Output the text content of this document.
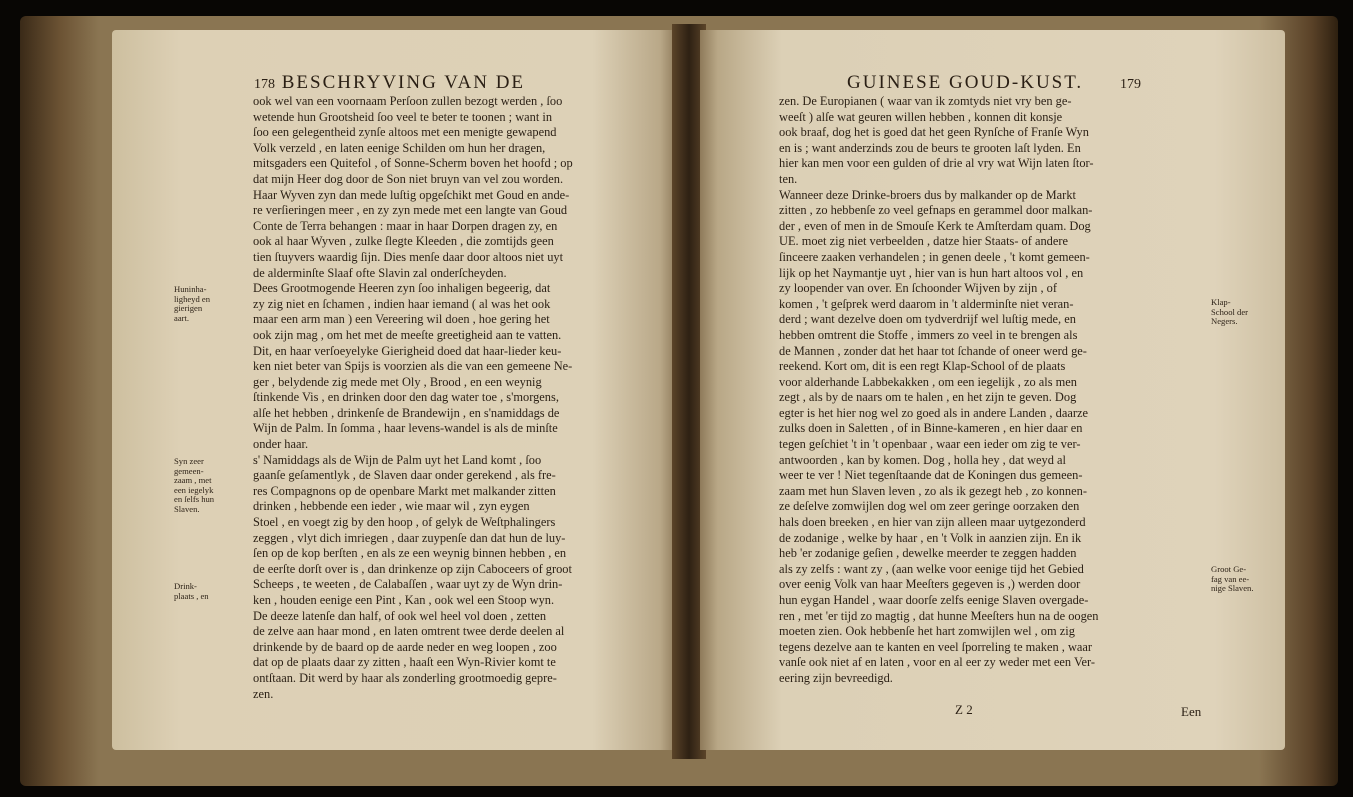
178 BESCHRYVING VAN DE
ook wel van een voornaam Perſoon zullen bezogt werden , ſoo
wetende hun Grootsheid ſoo veel te beter te toonen ; want in
ſoo een gelegentheid zynſe altoos met een menigte gewapend
Volk verzeld , en laten eenige Schilden om hun her dragen,
mitsgaders een Quitefol , of Sonne-Scherm boven het hoofd ; op
dat mijn Heer dog door de Son niet bruyn van vel zou worden.
Haar Wyven zyn dan mede luſtig opgeſchikt met Goud en ande-
re verſieringen meer , en zy zyn mede met een langte van Goud
Conte de Terra behangen : maar in haar Dorpen dragen zy, en
ook al haar Wyven , zulke ſlegte Kleeden , die zomtijds geen
tien ſtuyvers waardig ſijn. Dies menſe daar door altoos niet uyt
de alderminſte Slaaf ofte Slavin zal onderſcheyden.
Dees Grootmogende Heeren zyn ſoo inhaligen begeerig, dat
zy zig niet en ſchamen , indien haar iemand ( al was het ook
maar een arm man ) een Vereering wil doen , hoe gering het
ook zijn mag , om het met de meeſte greetigheid aan te vatten.
Dit, en haar verſoeyelyke Gierigheid doed dat haar-lieder keu-
ken niet beter van Spijs is voorzien als die van een gemeene Ne-
ger , belydende zig mede met Oly , Brood , en een weynig
ſtinkende Vis , en drinken door den dag water toe , s'morgens,
alſe het hebben , drinkenſe de Brandewijn , en s'namiddags de
Wijn de Palm. In ſomma , haar levens-wandel is als de minſte
onder haar.
s' Namiddags als de Wijn de Palm uyt het Land komt , ſoo
gaanſe geſamentlyk , de Slaven daar onder gerekend , als fre-
res Compagnons op de openbare Markt met malkander zitten
drinken , hebbende een ieder , wie maar wil , zyn eygen
Stoel , en voegt zig by den hoop , of gelyk de Weſtphalingers
zeggen , vlyt dich imriegen , daar zuypenſe dan dat hun de luy-
ſen op de kop berſten , en als ze een weynig binnen hebben , en
de eerſte dorſt over is , dan drinkenze op zijn Caboceers of groot
Scheeps , te weeten , de Calabaſſen , waar uyt zy de Wyn drin-
ken , houden eenige een Pint , Kan , ook wel een Stoop wyn.
De deeze latenſe dan half, of ook wel heel vol doen , zetten
de zelve aan haar mond , en laten omtrent twee derde deelen al
drinkende by de baard op de aarde neder en weg loopen , zoo
dat op de plaats daar zy zitten , haaſt een Wyn-Rivier komt te
ontſtaan. Dit werd by haar als zonderling grootmoedig gepre-
zen.
Huninha-
ligheyd en
gierigen
aart.
Syn zeer
gemeen-
zaam , met
een iegelyk
en ſelfs hun
Slaven.
Drink-
plaats , en
GUINESE GOUD-KUST.	179
zen. De Europianen ( waar van ik zomtyds niet vry ben ge-
weeſt ) alſe wat geuren willen hebben , konnen dit konsje
ook braaf, dog het is goed dat het geen Rynſche of Franſe Wyn
en is ; want anderzinds zou de beurs te grooten laſt lyden. En
hier kan men voor een gulden of drie al vry wat Wijn laten ſtor-
ten.
Wanneer deze Drinke-broers dus by malkander op de Markt
zitten , zo hebbenſe zo veel gefnaps en gerammel door malkan-
der , even of men in de Smouſe Kerk te Amſterdam quam. Dog
UE. moet zig niet verbeelden , datze hier Staats- of andere
ſinceere zaaken verhandelen ; in genen deele , 't komt gemeen-
lijk op het Naymantje uyt , hier van is hun hart altoos vol , en
zy loopender van over. En ſchoonder Wijven by zijn , of
komen , 't geſprek werd daarom in 't alderminſte niet veran-
derd ; want dezelve doen om tydverdrijf wel luſtig mede, en
hebben omtrent die Stoffe , immers zo veel in te brengen als
de Mannen , zonder dat het haar tot ſchande of oneer werd ge-
reekend. Kort om, dit is een regt Klap-School of de plaats
voor alderhande Labbekakken , om een iegelijk , zo als men
zegt , als by de naars om te halen , en het zijn te geven. Dog
egter is het hier nog wel zo goed als in andere Landen , daarze
zulks doen in Saletten , of in Binne-kameren , en hier daar en
tegen geſchiet 't in 't openbaar , waar een ieder om zig te ver-
antwoorden , kan by komen. Dog , holla hey , dat weyd al
weer te ver ! Niet tegenſtaande dat de Koningen dus gemeen-
zaam met hun Slaven leven , zo als ik gezegt heb , zo konnen-
ze deſelve zomwijlen dog wel om zeer geringe oorzaken den
hals doen breeken , en hier van zijn alleen maar uytgezonderd
de zodanige , welke by haar , en 't Volk in aanzien zijn. En ik
heb 'er zodanige geſien , dewelke meerder te zeggen hadden
als zy zelfs : want zy , (aan welke voor eenige tijd het Gebied
over eenig Volk van haar Meeſters gegeven is ,) werden door
hun eygan Handel , waar doorſe zelfs eenige Slaven overgade-
ren , met 'er tijd zo magtig , dat hunne Meeſters hun na de oogen
moeten zien. Ook hebbenſe het hart zomwijlen wel , om zig
tegens dezelve aan te kanten en veel ſporreling te maken , waar
vanſe ook niet af en laten , voor en al eer zy weder met een Ver-
eering zijn bevreedigd.
Klap-
School der
Negers.
Groot Ge-
fag van ee-
nige Slaven.
Z 2	Een
